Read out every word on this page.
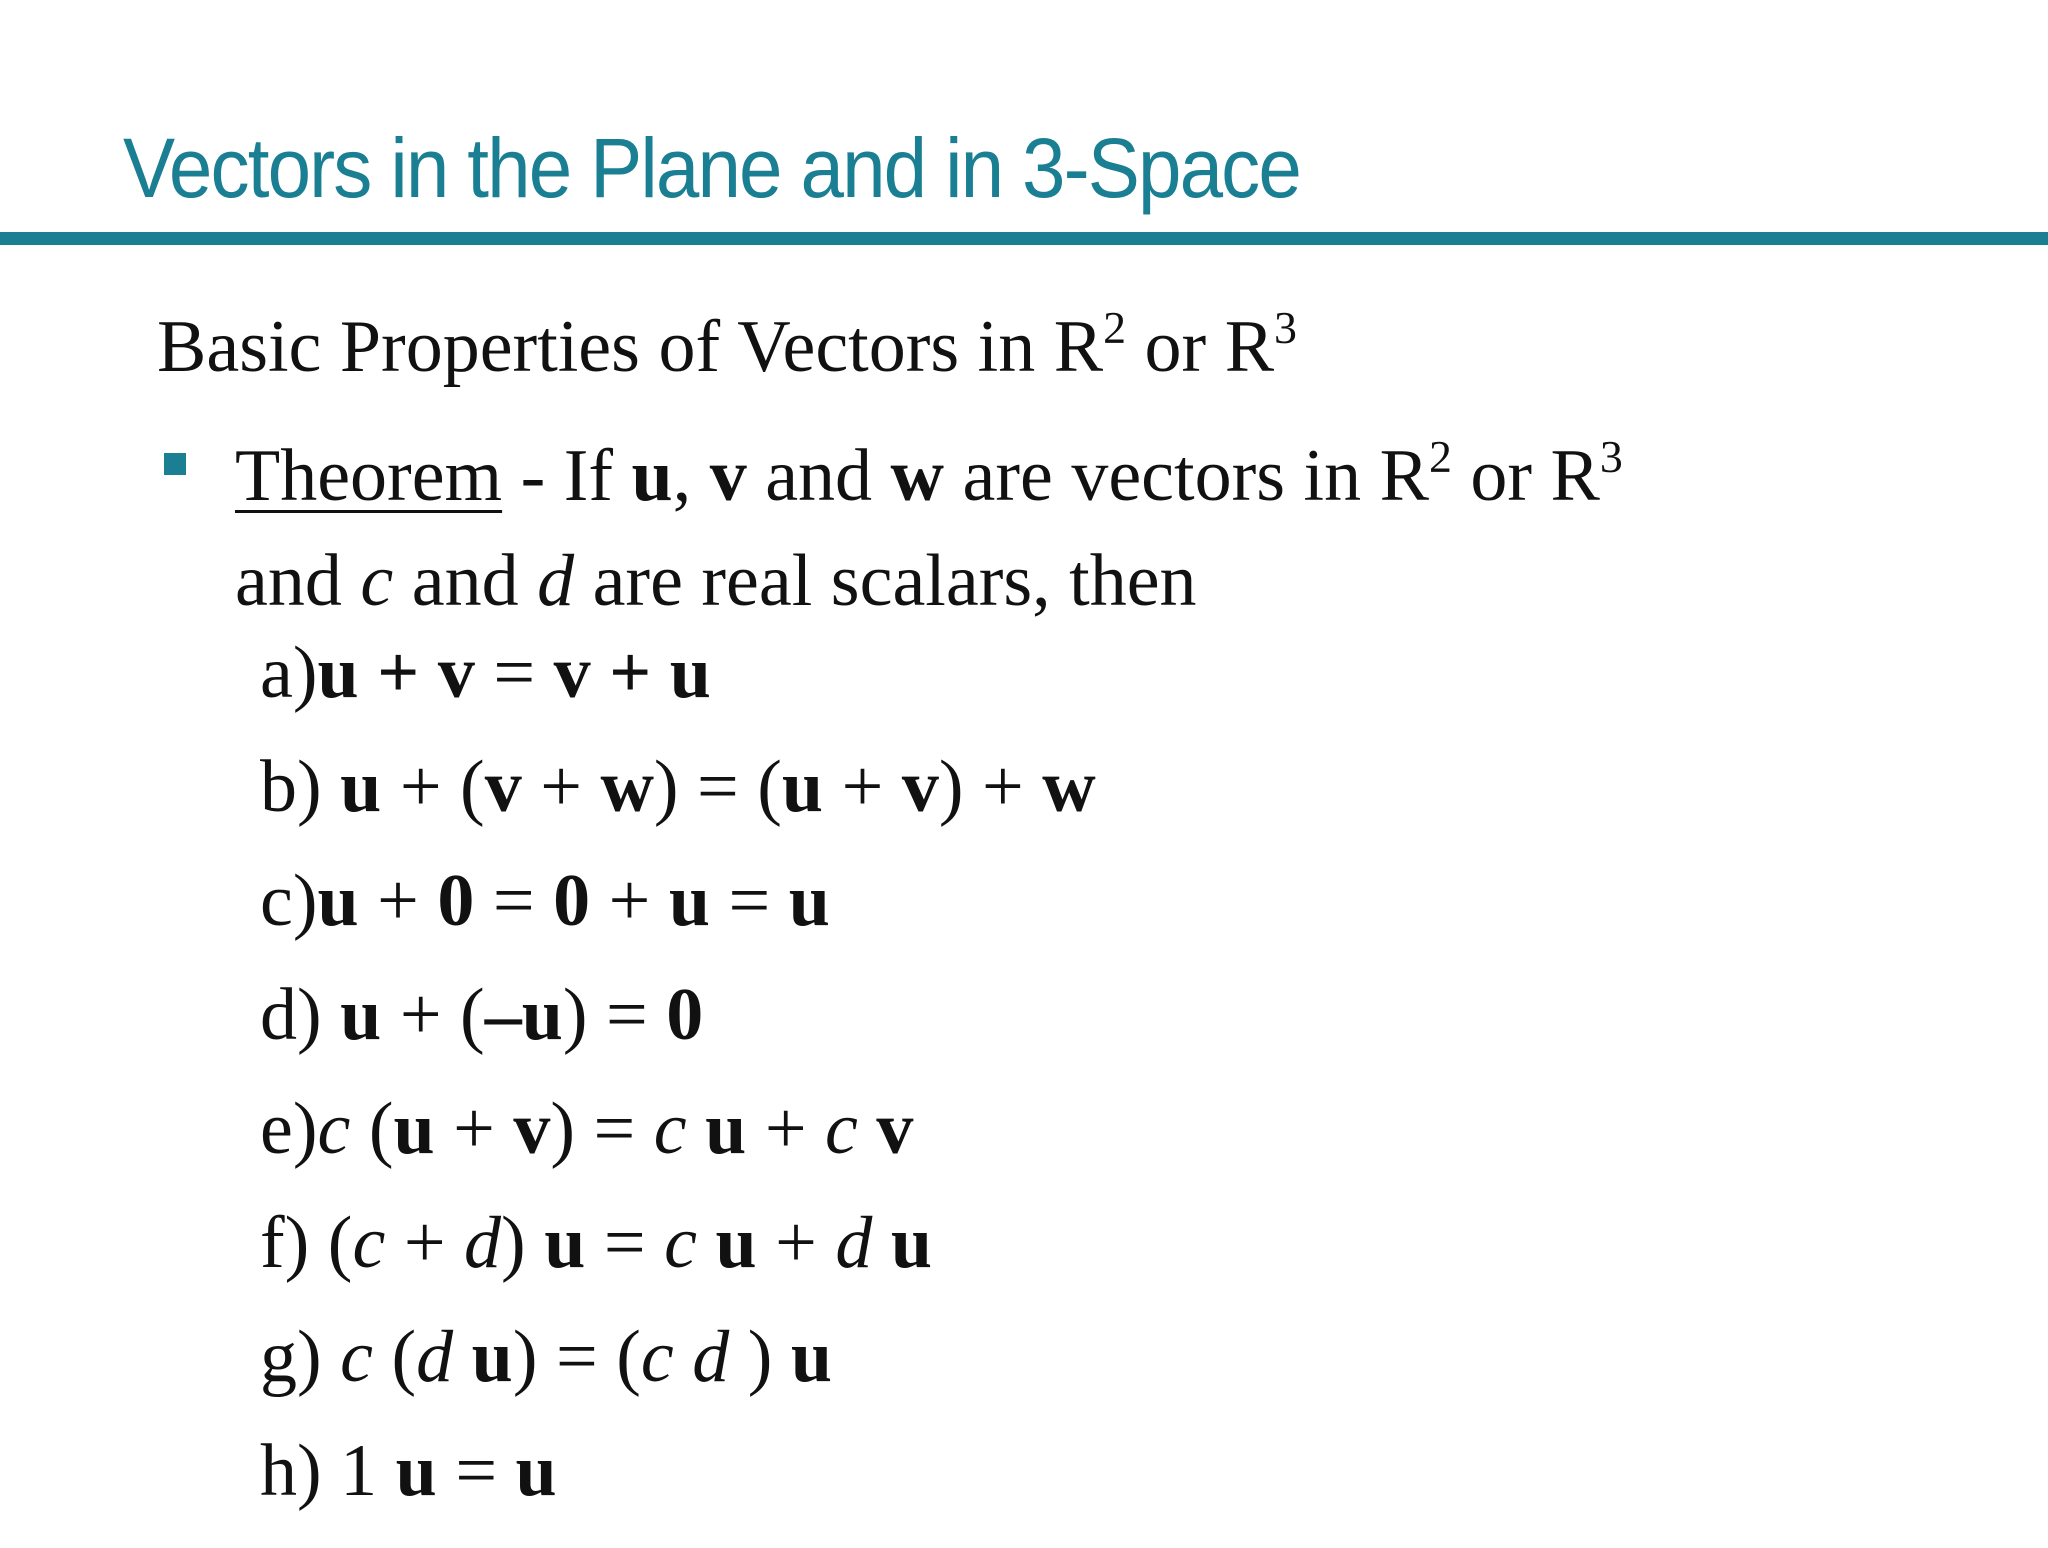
Vectors in the Plane and in 3-Space
Basic Properties of Vectors in $R^2$ or $R^3$
Theorem - If u, v and w are vectors in $R^2$ or $R^3$
and c and d are real scalars, then
a)u + v = v + u
b) u + (v + w) = (u + v) + w
c)u + 0 = 0 + u = u
d) u + (–u) = 0
e)c (u + v) = c u + c v
f) (c + d) u = c u + d u
g) c (d u) = (c d ) u
h) 1 u = u
